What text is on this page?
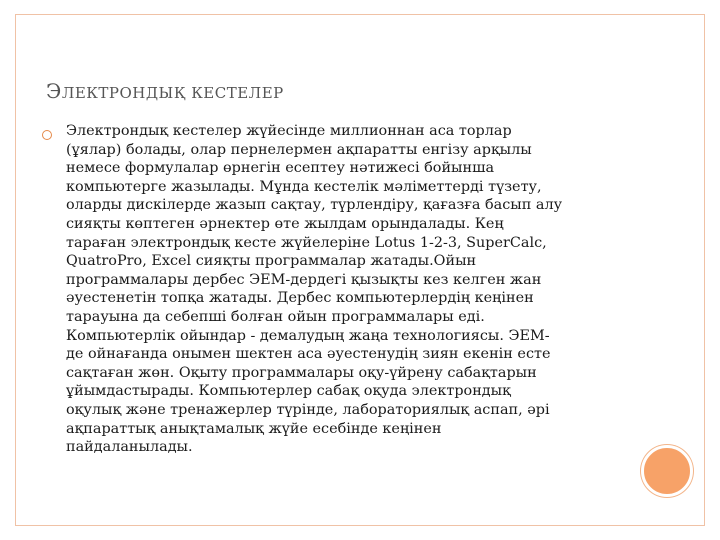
ЭЛЕКТРОНДЫҚ КЕСТЕЛЕР

Электрондық кестелер жүйесінде миллионнан аса торлар
(ұялар) болады, олар пернелермен ақпаратты енгізу арқылы
немесе формулалар өрнегін есептеу нәтижесі бойынша
компьютерге жазылады. Мұнда кестелік мәліметтерді түзету,
оларды дискілерде жазып сақтау, түрлендіру, қағазға басып алу
сияқты көптеген әрнектер өте жылдам орындалады. Кең
тараған электрондық кесте жүйелеріне Lotus 1-2-3, SuperCalc,
QuatroPro, Excel сияқты программалар жатады.Ойын
программалары дербес ЭЕМ-дердегі қызықты кез келген жан
әуестенетін топқа жатады. Дербес компьютерлердің кеңінен
тарауына да себепші болған ойын программалары еді.
Компьютерлік ойындар - демалудың жаңа технологиясы. ЭЕМ-
де ойнағанда онымен шектен аса әуестенудің зиян екенін есте
сақтаған жөн. Оқыту программалары оқу-үйрену сабақтарын
ұйымдастырады. Компьютерлер сабақ оқуда электрондық
оқулық және тренажерлер түрінде, лабораториялық аспап, әрі
ақпараттық анықтамалық жүйе есебінде кеңінен
пайдаланылады.
